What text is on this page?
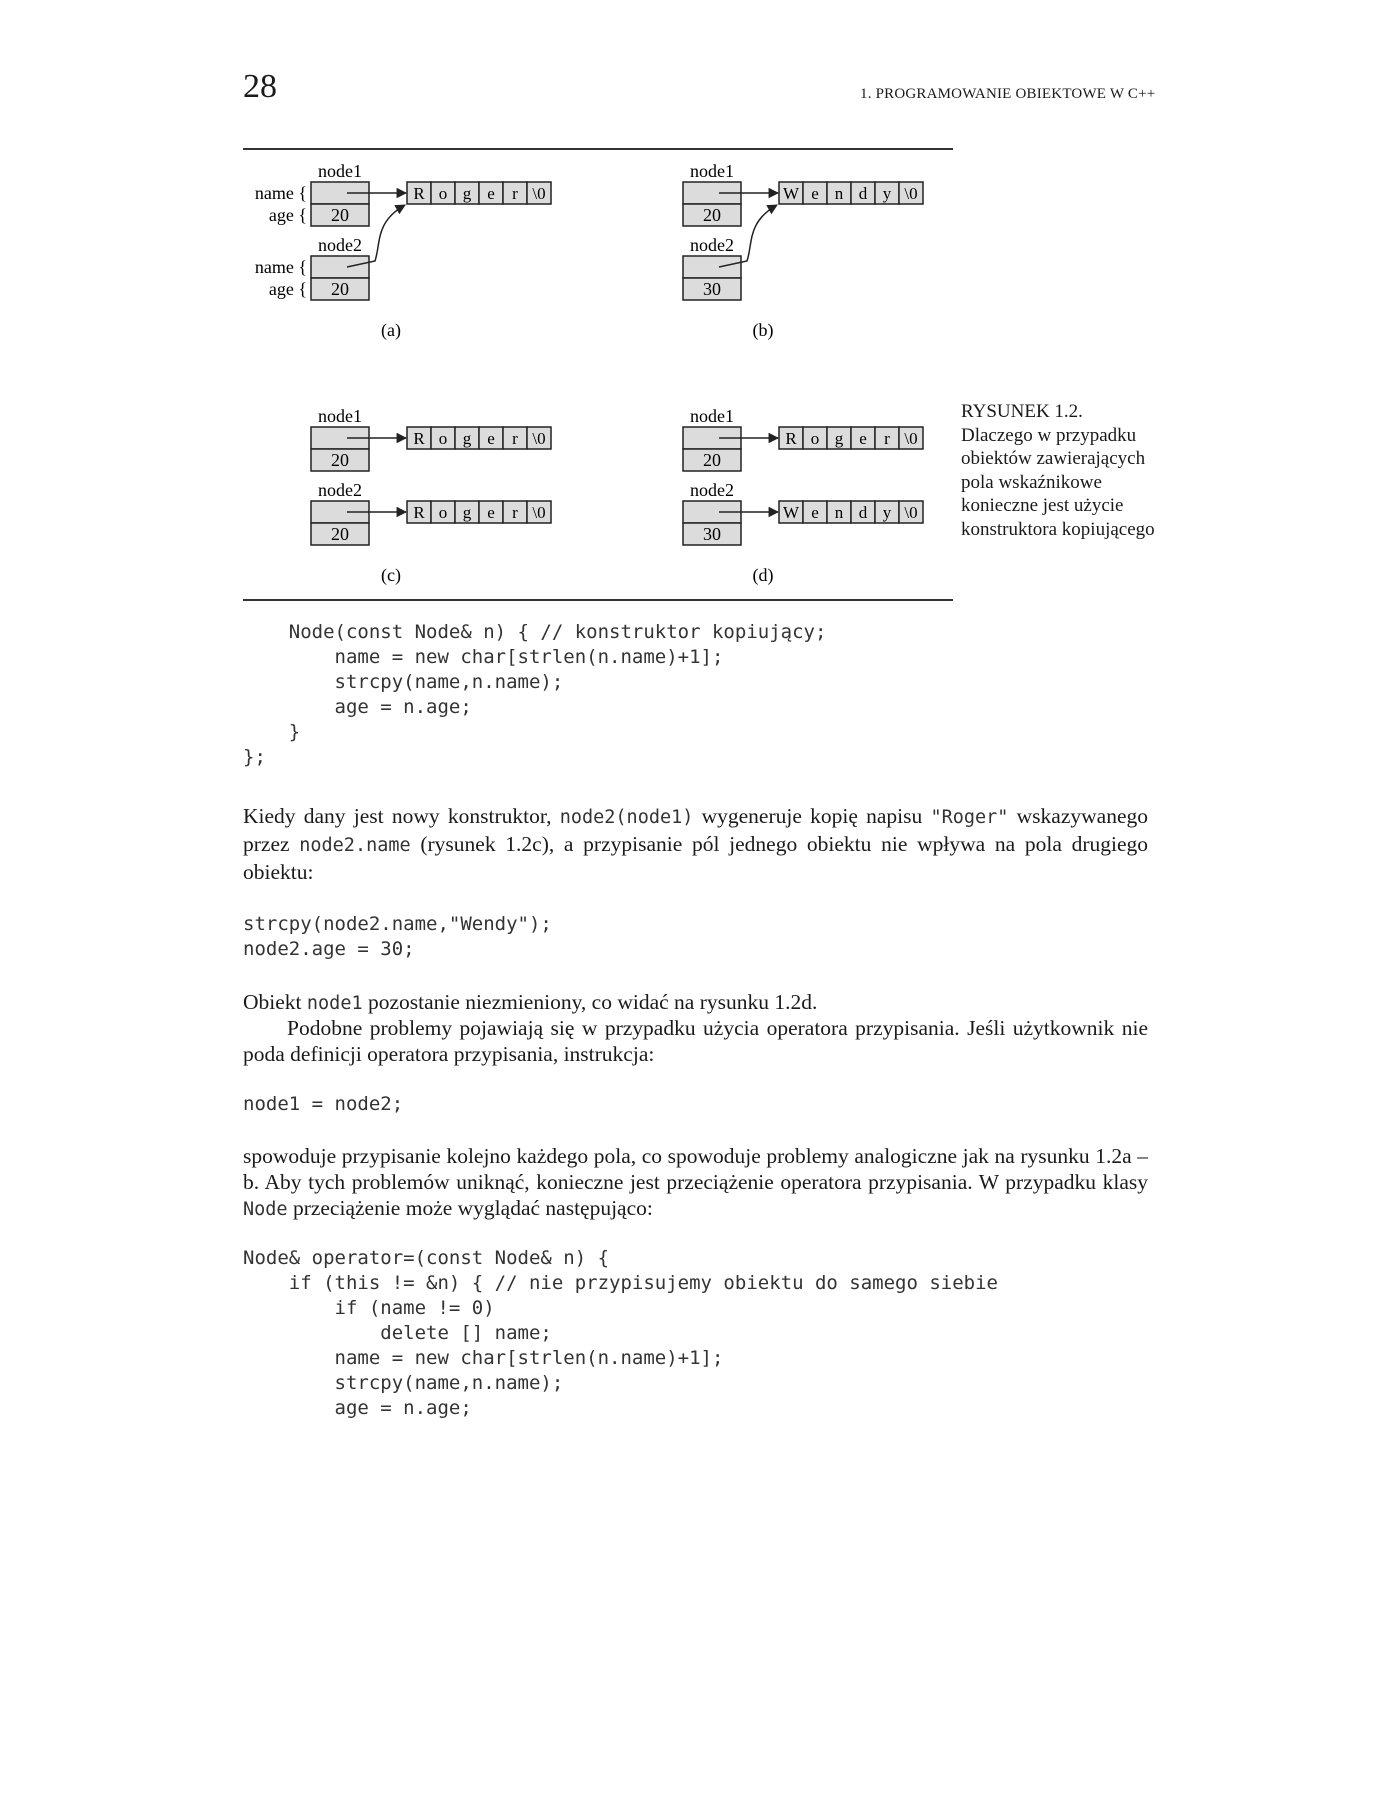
28	1. PROGRAMOWANIE OBIEKTOWE W C++
node1
20
node2
20
name {
age {
name {
age {
R o g e r \0
(a)
node1
20
node2
30
W e n d y \0
(b)
node1
20
node2
20
R o g e r \0
R o g e r \0
(c)
node1
20
node2
30
R o g e r \0
W e n d y \0
(d)
RYSUNEK 1.2.
Dlaczego w przypadku obiektów zawierających pola wskaźnikowe konieczne jest użycie konstruktora kopiującego
Node(const Node& n) { // konstruktor kopiujący;
name = new char[strlen(n.name)+1];
strcpy(name,n.name);
age = n.age;
}
};

Kiedy dany jest nowy konstruktor, node2(node1) wygeneruje kopię napisu "Roger" wskazywanego przez node2.name (rysunek 1.2c), a przypisanie pól jednego obiektu nie wpływa na pola drugiego obiektu:

strcpy(node2.name,"Wendy");
node2.age = 30;

Obiekt node1 pozostanie niezmieniony, co widać na rysunku 1.2d.

Podobne problemy pojawiają się w przypadku użycia operatora przypisania. Jeśli użytkownik nie poda definicji operatora przypisania, instrukcja:

node1 = node2;

spowoduje przypisanie kolejno każdego pola, co spowoduje problemy analogiczne jak na rysunku 1.2a – b. Aby tych problemów uniknąć, konieczne jest przeciążenie operatora przypisania. W przypadku klasy Node przeciążenie może wyglądać następująco:

Node& operator=(const Node& n) {
if (this != &n) { // nie przypisujemy obiektu do samego siebie
if (name != 0)
delete [] name;
name = new char[strlen(n.name)+1];
strcpy(name,n.name);
age = n.age;
